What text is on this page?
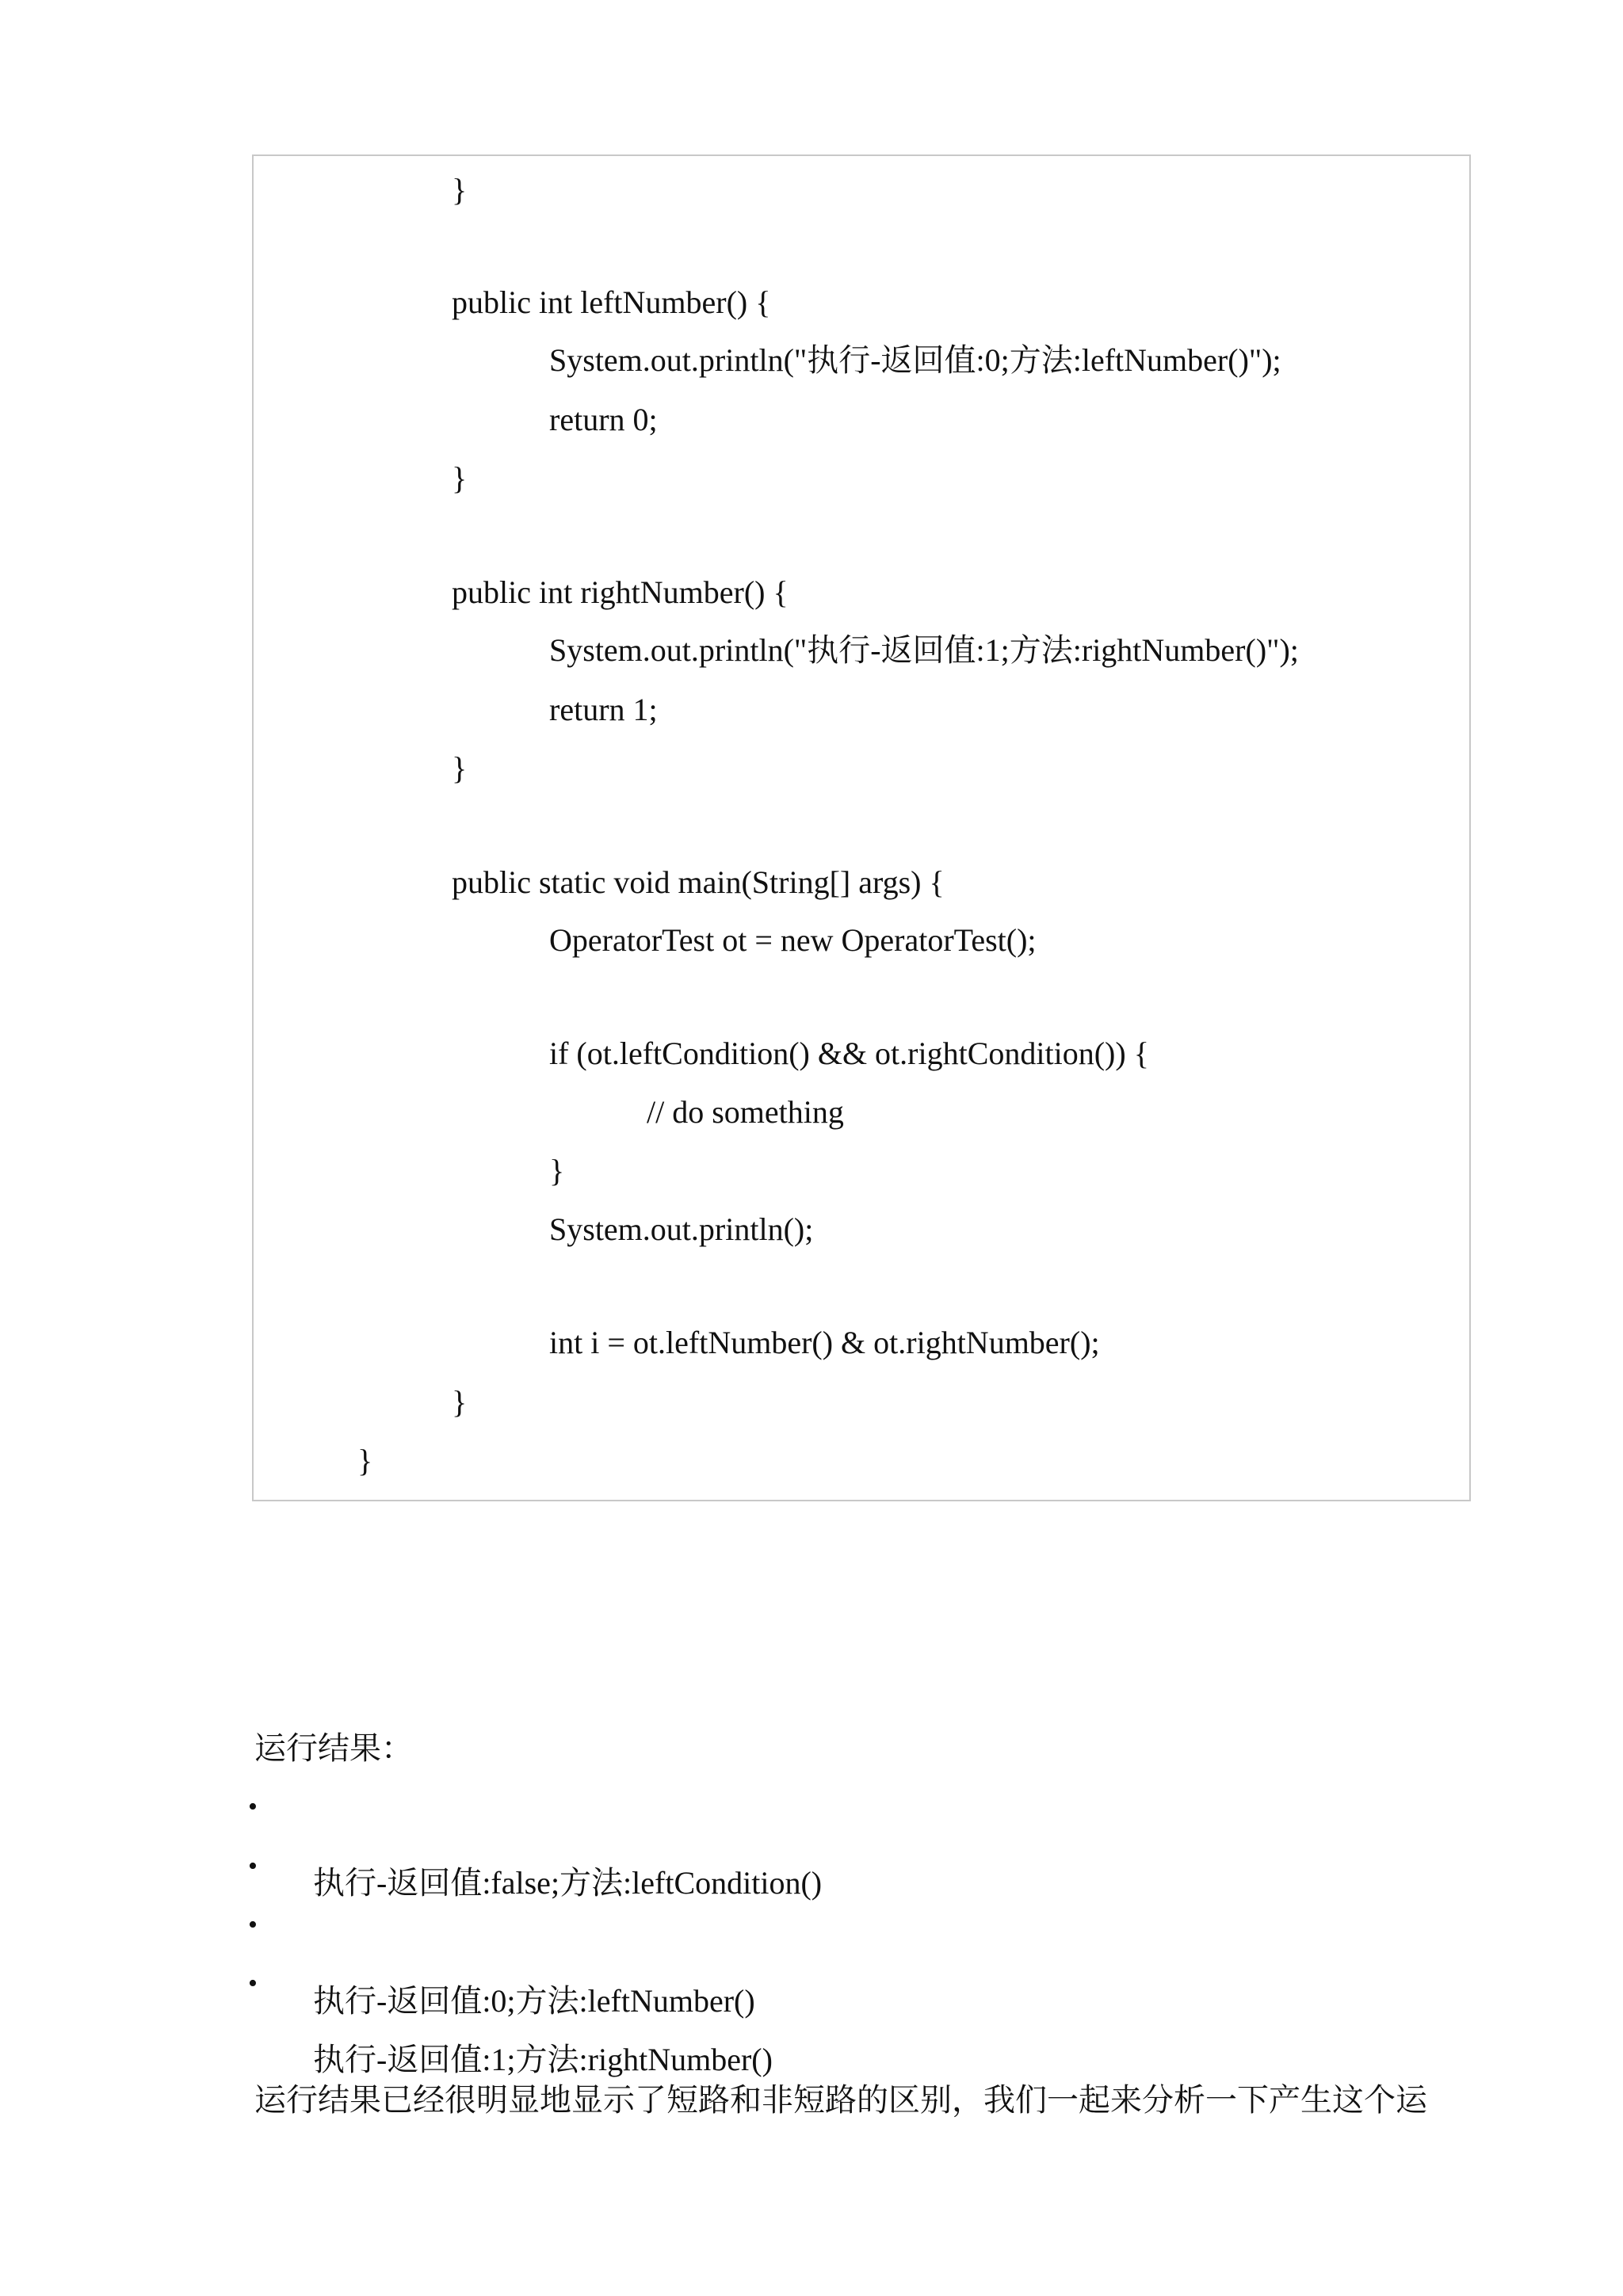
}

public int leftNumber() {

System.out.println("执行-返回值:0;方法:leftNumber()");

return 0;

}

public int rightNumber() {

System.out.println("执行-返回值:1;方法:rightNumber()");

return 1;

}

public static void main(String[] args) {

OperatorTest ot = new OperatorTest();

if (ot.leftCondition() && ot.rightCondition()) {

// do something

}

System.out.println();

int i = ot.leftNumber() & ot.rightNumber();

}

}

运行结果：

•

执行-返回值:false;方法:leftCondition()

•

•

执行-返回值:0;方法:leftNumber()

•

执行-返回值:1;方法:rightNumber()

运行结果已经很明显地显示了短路和非短路的区别，我们一起来分析一下产生这个运
